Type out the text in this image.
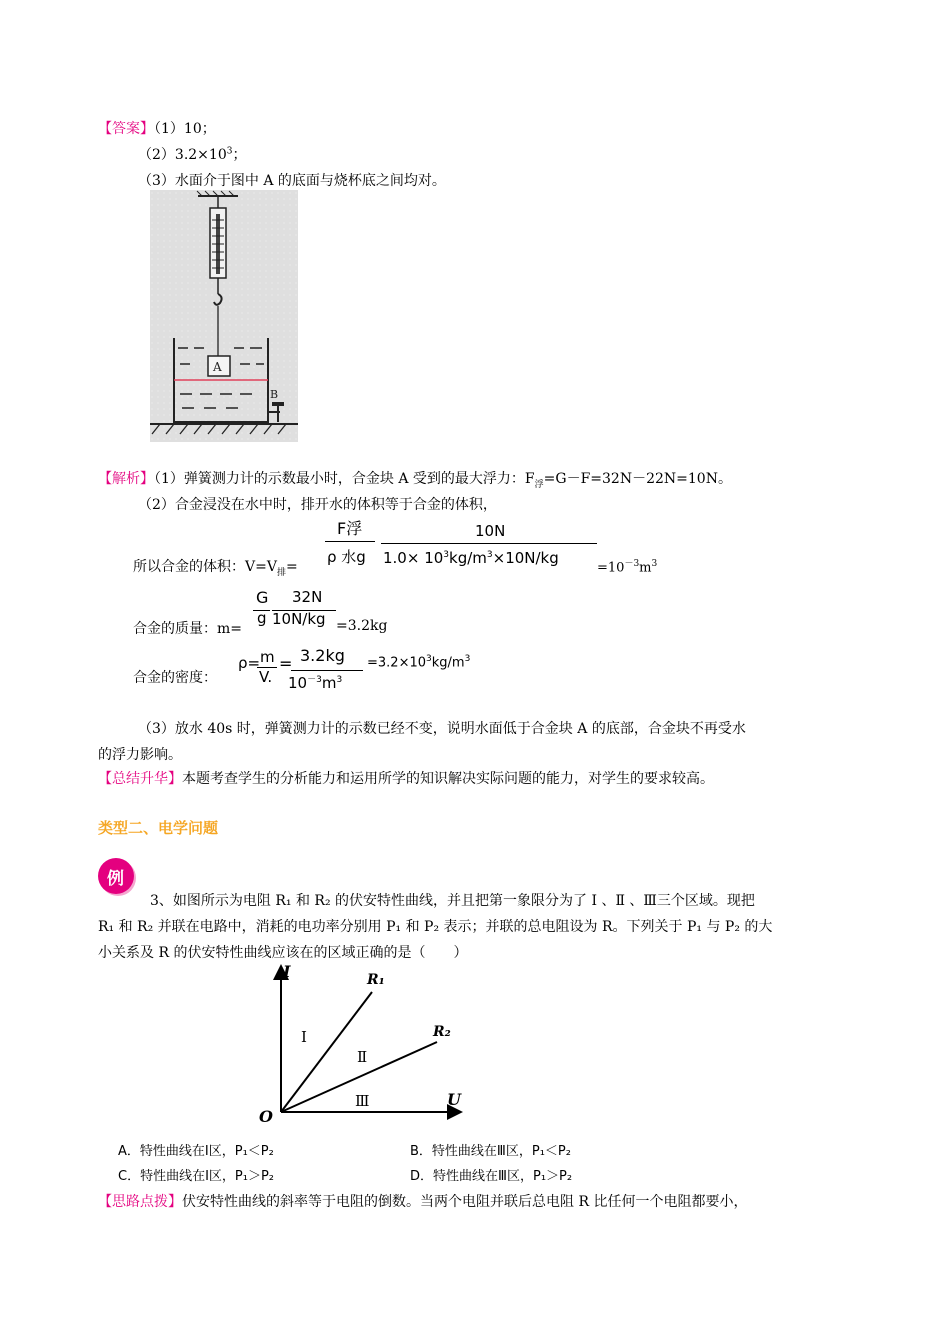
【答案】（1）10；
$(2)3.2\times 10^3$；
（3）水面介于图中 A 的底面与烧杯底之间均对。
A
B
【解析】（1）弹簧测力计的示数最小时，合金块 A 受到的最大浮力：$F_浮=G-F=32N-22N=10N$。
（2）合金浸没在水中时，排开水的体积等于合金的体积，
所以合金的体积：$V=V_排=$
F浮
ρ 水g
10N
$1.0\times 10^3kg/m^3\times 10N/kg$
$=10^{-3}m^3$
合金的质量：m=
G
g
32N
10N/kg =3.2kg
合金的密度：
ρ= m
V.
= 3.2kg
$10^{-3}m^3$
$=3.2\times 10^3kg/m^3$
（3）放水 40s 时，弹簧测力计的示数已经不变，说明水面低于合金块 A 的底部，合金块不再受水
的浮力影响。
【总结升华】本题考查学生的分析能力和运用所学的知识解决实际问题的能力，对学生的要求较高。
类型二、电学问题
例
3、如图所示为电阻 R₁ 和 R₂ 的伏安特性曲线，并且把第一象限分为了 Ⅰ 、Ⅱ 、Ⅲ三个区域。现把
R₁ 和 R₂ 并联在电路中，消耗的电功率分别用 P₁ 和 P₂ 表示；并联的总电阻设为 R。下列关于 P₁ 与 P₂ 的大
小关系及 R 的伏安特性曲线应该在的区域正确的是（　　）
I
U
O
R₁
R₂
Ⅰ
Ⅱ
Ⅲ
A．特性曲线在Ⅰ区，P₁＜P₂	B．特性曲线在Ⅲ区，P₁＜P₂
C．特性曲线在Ⅰ区，P₁＞P₂	D．特性曲线在Ⅲ区，P₁＞P₂
【思路点拨】伏安特性曲线的斜率等于电阻的倒数。当两个电阻并联后总电阻 R 比任何一个电阻都要小，
